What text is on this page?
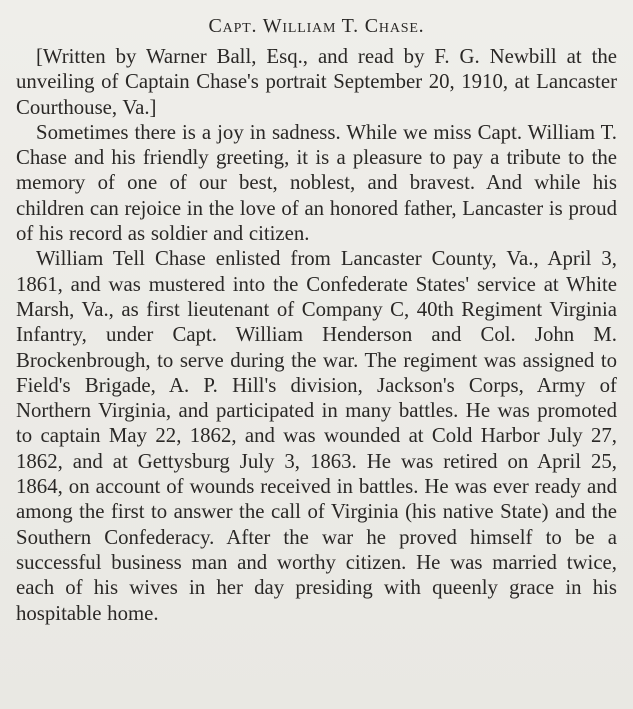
Capt. William T. Chase.

[Written by Warner Ball, Esq., and read by F. G. Newbill at the unveiling of Captain Chase's portrait September 20, 1910, at Lancaster Courthouse, Va.]

Sometimes there is a joy in sadness. While we miss Capt. William T. Chase and his friendly greeting, it is a pleasure to pay a tribute to the memory of one of our best, noblest, and bravest. And while his children can rejoice in the love of an honored father, Lancaster is proud of his record as soldier and citizen.

William Tell Chase enlisted from Lancaster County, Va., April 3, 1861, and was mustered into the Confederate States' service at White Marsh, Va., as first lieutenant of Company C, 40th Regiment Virginia Infantry, under Capt. William Henderson and Col. John M. Brockenbrough, to serve during the war. The regiment was assigned to Field's Brigade, A. P. Hill's division, Jackson's Corps, Army of Northern Virginia, and participated in many battles. He was promoted to captain May 22, 1862, and was wounded at Cold Harbor July 27, 1862, and at Gettysburg July 3, 1863. He was retired on April 25, 1864, on account of wounds received in battles. He was ever ready and among the first to answer the call of Virginia (his native State) and the Southern Confederacy. After the war he proved himself to be a successful business man and worthy citizen. He was married twice, each of his wives in her day presiding with queenly grace in his hospitable home.
